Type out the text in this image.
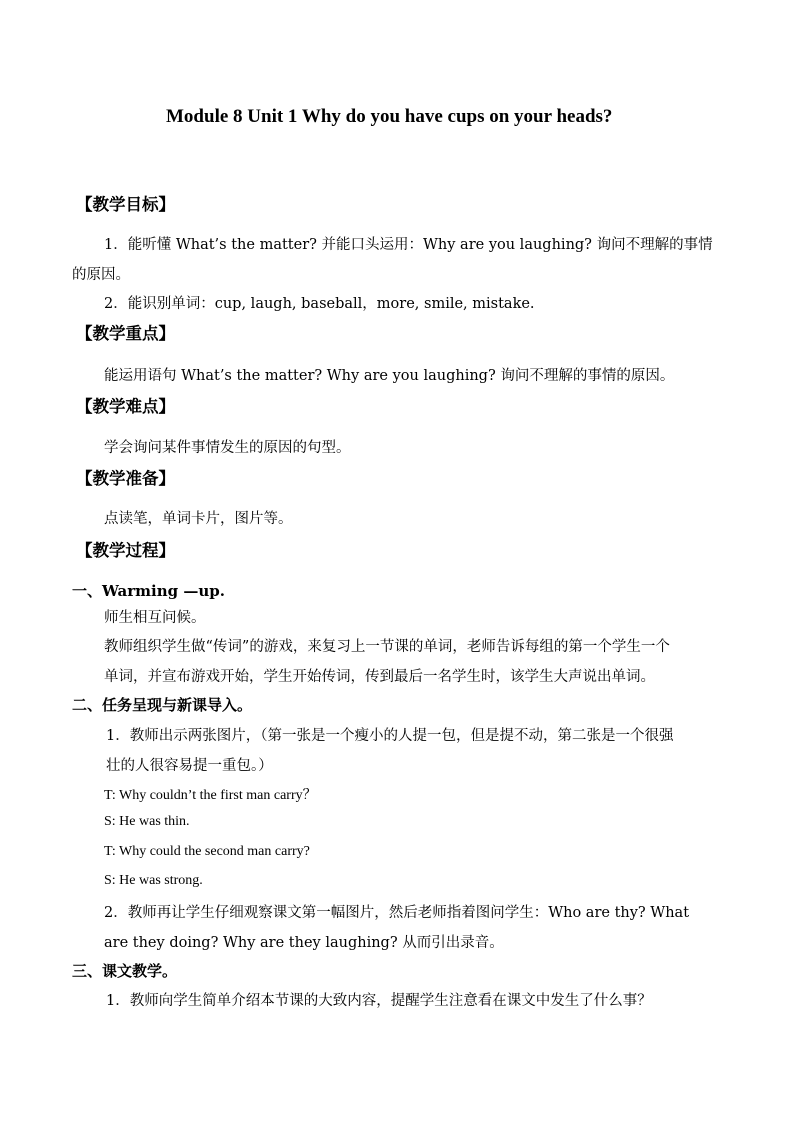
Module 8 Unit 1 Why do you have cups on your heads?
【教学目标】
1．能听懂 What’s the matter? 并能口头运用：Why are you laughing? 询问不理解的事情
的原因。
2．能识别单词：cup, laugh, baseball，more, smile, mistake.
【教学重点】
能运用语句 What’s the matter? Why are you laughing? 询问不理解的事情的原因。
【教学难点】
学会询问某件事情发生的原因的句型。
【教学准备】
点读笔，单词卡片，图片等。
【教学过程】
一、Warming —up.
师生相互问候。
教师组织学生做“传词”的游戏，来复习上一节课的单词，老师告诉每组的第一个学生一个
单词，并宣布游戏开始，学生开始传词，传到最后一名学生时，该学生大声说出单词。
二、任务呈现与新课导入。
1．教师出示两张图片，（第一张是一个瘦小的人提一包，但是提不动，第二张是一个很强
壮的人很容易提一重包。）
T: Why couldn’t the first man carry？
S: He was thin.
T: Why could the second man carry?
S: He was strong.
2．教师再让学生仔细观察课文第一幅图片，然后老师指着图问学生：Who are thy? What
are they doing? Why are they laughing? 从而引出录音。
三、课文教学。
1．教师向学生简单介绍本节课的大致内容，提醒学生注意看在课文中发生了什么事？
